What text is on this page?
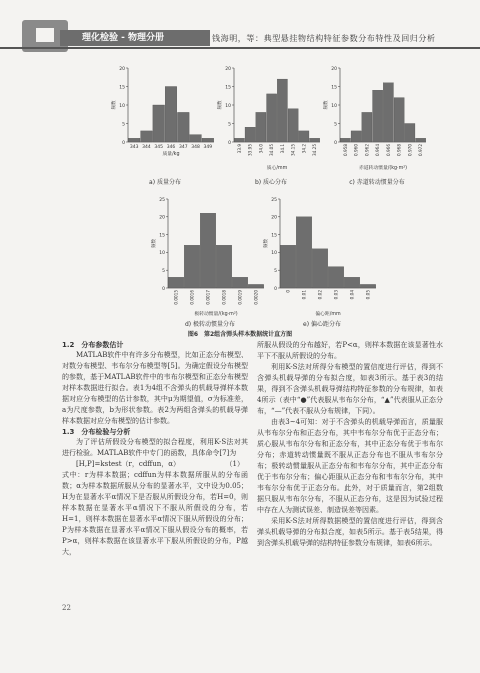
理化检验 - 物理分册	钱海明，等：典型悬挂物结构特征参数分布特性及回归分析
0
5
10
15
20
频数
343 344 345 346 347 348 349
质量/kg
a) 质量分布
0
5
10
15
20
频数
33.9 33.95 34.0 34.05 34.1 34.15 34.2 34.25
质心/mm
b) 质心分布
0
5
10
15
20
频数
0.958 0.960 0.962 0.964 0.966 0.968 0.970 0.972
赤道转动惯量/(kg·m²)
c) 赤道转动惯量分布
0
5
10
15
20
25
频数
0.0015	0.0016	0.0017	0.0018	0.0019	0.0020
极转动惯量/(kg·m²)
d) 极转动惯量分布
0
5
10
15
20
25
频数
0	0.01	0.02	0.03	0.04	0.05
偏心距/mm
e) 偏心距分布
图6　第2组含弹头样本数据统计直方图

1.2　分布参数估计

MATLAB软件中有许多分布模型，比如正态分布模型、对数分布模型、韦布尔分布模型等[5]。为确定假设分布模型的参数，基于MATLAB软件中的韦布尔模型和正态分布模型对样本数据进行拟合。表1为4组不含弹头的机载导弹样本数据对应分布模型的估计参数，其中μ为期望值，σ为标准差，a为尺度参数，b为形状参数。表2为两组含弹头的机载导弹样本数据对应分布模型的估计参数。

1.3　分布检验与分析

为了评估所假设分布模型的拟合程度，利用K-S法对其进行检验。MATLAB软件中专门的函数，具体命令[7]为

[H,P]=kstest（r，cdffun，α）	（1）

式中：r为样本数据；cdffun为样本数据所服从的分布函数；α为样本数据所服从分布的显著水平，文中设为0.05；H为在显著水平α情况下是否服从所假设分布，若H=0，则样本数据在显著水平α情况下不服从所假设的分布，若H=1，则样本数据在显著水平α情况下服从所假设的分布；P为样本数据在显著水平α情况下服从假设分布的概率，若P>α，则样本数据在该显著水平下服从所假设的分布，P越大，

所服从假设的分布越好，若P<α，则样本数据在该显著性水平下不服从所假设的分布。

利用K-S法对所得分布模型的置信度进行评估，得到不含弹头机载导弹的分布拟合度，如表3所示。基于表3的结果，得到不含弹头机载导弹结构特征参数的分布规律，如表4所示（表中“●”代表服从韦布尔分布，“▲”代表服从正态分布，“—”代表不服从分布规律，下同）。

由表3~4可知：对于不含弹头的机载导弹而言，质量服从韦布尔分布和正态分布，其中韦布尔分布优于正态分布；质心服从韦布尔分布和正态分布，其中正态分布优于韦布尔分布；赤道转动惯量既不服从正态分布也不服从韦布尔分布；极转动惯量服从正态分布和韦布尔分布，其中正态分布优于韦布尔分布；偏心距服从正态分布和韦布尔分布，其中韦布尔分布优于正态分布。此外，对于质量而言，第2组数据只服从韦布尔分布，不服从正态分布，这是因为试验过程中存在人为测试误差、制造误差等因素。

采用K-S法对所得数据模型的置信度进行评估，得到含弹头机载导弹的分布拟合度，如表5所示。基于表5结果，得到含弹头机载导弹的结构特征参数分布规律，如表6所示。

22
